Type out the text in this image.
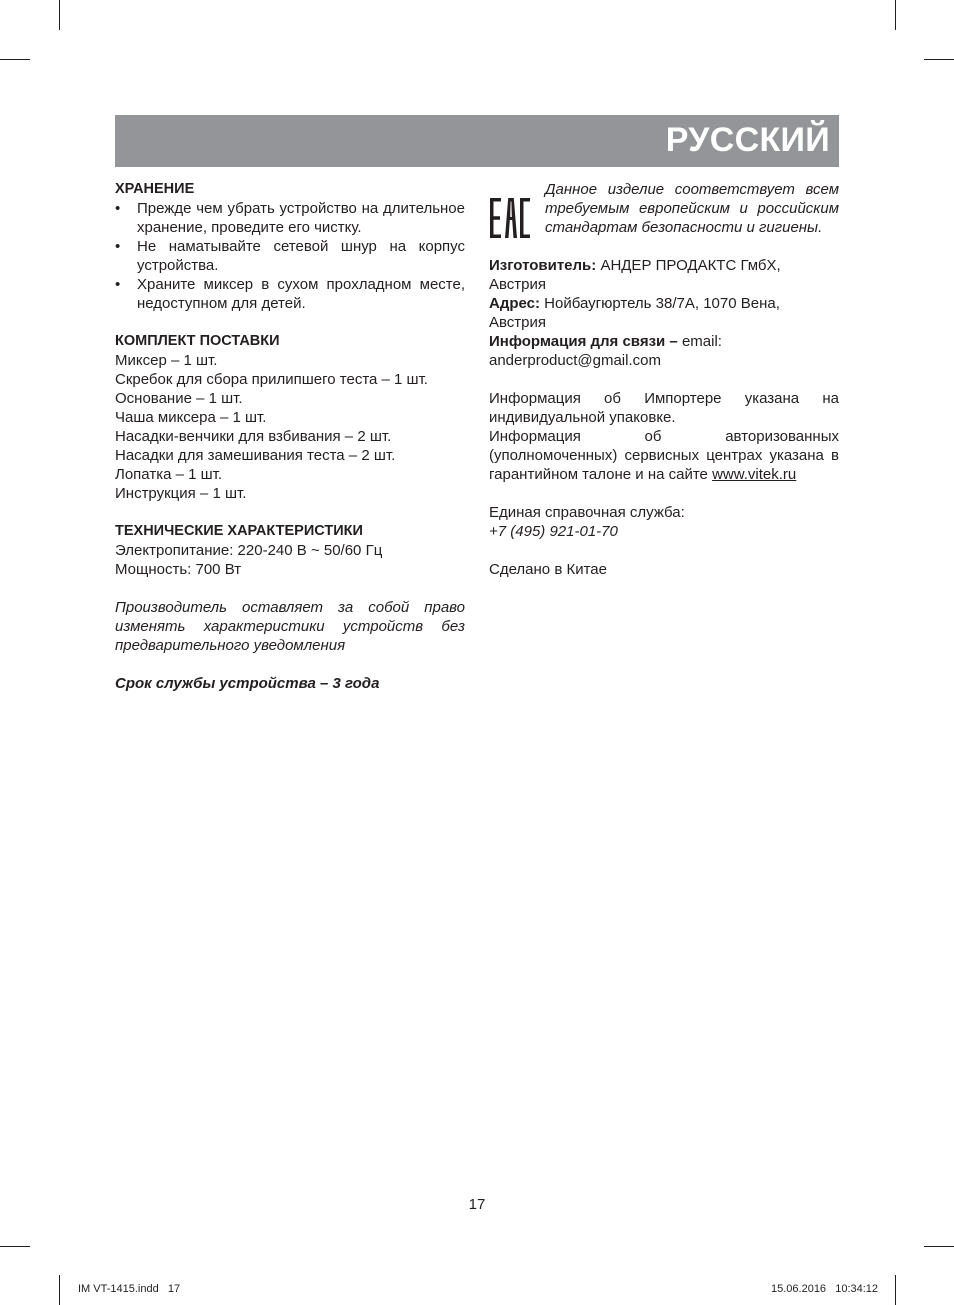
РУССКИЙ
ХРАНЕНИЕ
• Прежде чем убрать устройство на длительное хранение, проведите его чистку.
• Не наматывайте сетевой шнур на корпус устройства.
• Храните миксер в сухом прохладном месте, недоступном для детей.
КОМПЛЕКТ ПОСТАВКИ
Миксер – 1 шт.
Скребок для сбора прилипшего теста – 1 шт.
Основание – 1 шт.
Чаша миксера – 1 шт.
Насадки-венчики для взбивания – 2 шт.
Насадки для замешивания теста – 2 шт.
Лопатка – 1 шт.
Инструкция – 1 шт.
ТЕХНИЧЕСКИЕ ХАРАКТЕРИСТИКИ
Электропитание: 220-240 В ~ 50/60 Гц
Мощность: 700 Вт
Производитель оставляет за собой право изменять характеристики устройств без предварительного уведомления
Срок службы устройства – 3 года
Данное изделие соответствует всем требуемым европейским и российским стандартам безопасности и гигиены.
Изготовитель: АНДЕР ПРОДАКТС ГмбХ, Австрия
Адрес: Нойбаугюртель 38/7А, 1070 Вена, Австрия
Информация для связи – email: anderproduct@gmail.com
Информация об Импортере указана на индивидуальной упаковке.
Информация об авторизованных (уполномоченных) сервисных центрах указана в гарантийном талоне и на сайте www.vitek.ru
Единая справочная служба:
+7 (495) 921-01-70
Сделано в Китае
17
IM VT-1415.indd   17	15.06.2016   10:34:12
